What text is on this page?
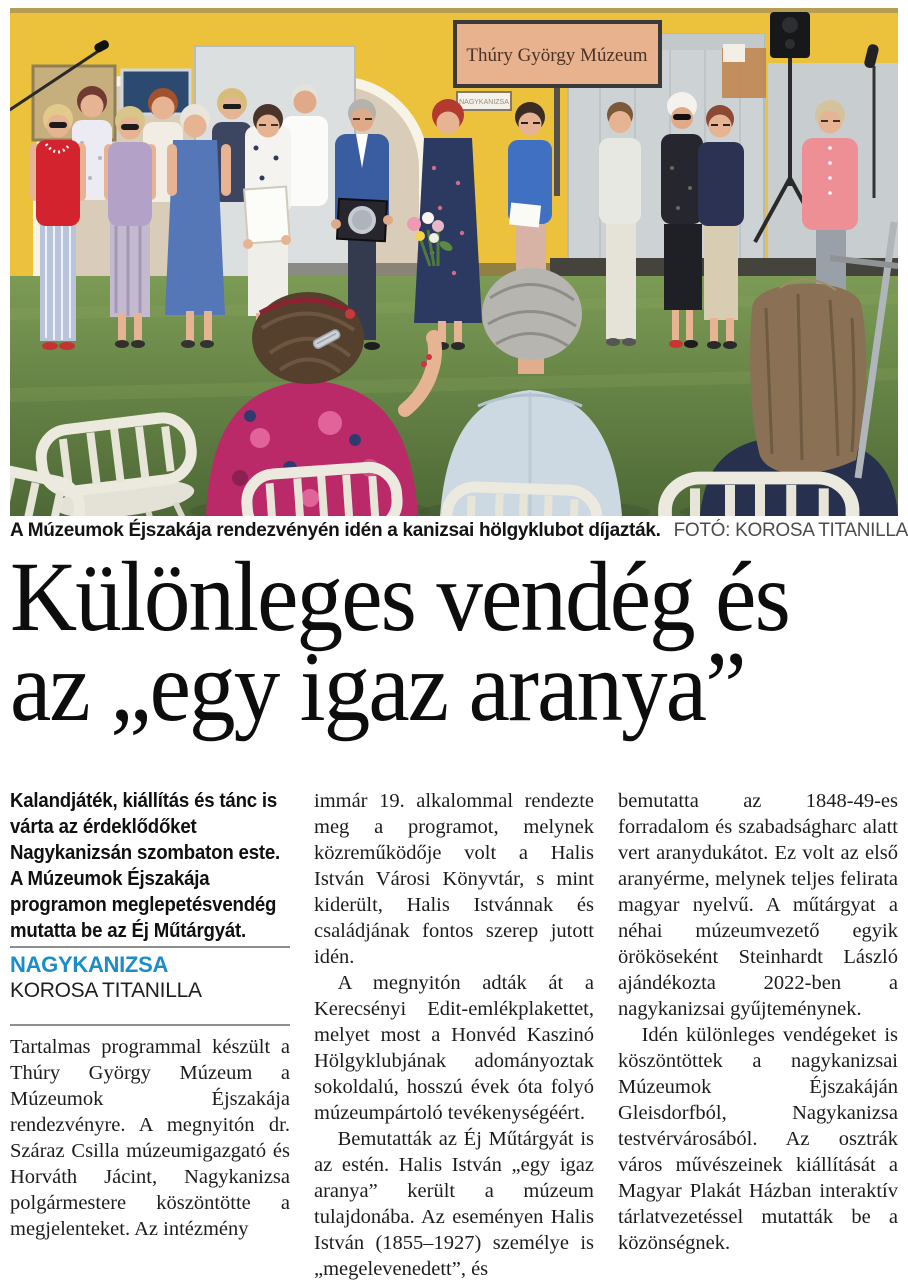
Thúry György Múzeum
NAGYKANIZSA
A Múzeumok Éjszakája rendezvényén idén a kanizsai hölgyklubot díjazták. FOTÓ: KOROSA TITANILLA
Különleges vendég és
az „egy igaz aranya”

Kalandjáték, kiállítás és tánc is várta az érdeklődőket Nagykanizsán szombaton este. A Múzeumok Éjszakája programon meglepetésvendég mutatta be az Éj Műtárgyát.

NAGYKANIZSA
KOROSA TITANILLA

Tartalmas programmal készült a Thúry György Múzeum a Múzeumok Éjszakája rendezvényre. A megnyitón dr. Száraz Csilla múzeumigazgató és Horváth Jácint, Nagykanizsa polgármestere köszöntötte a megjelenteket. Az intézmény

immár 19. alkalommal rendezte meg a programot, melynek közreműködője volt a Halis István Városi Könyvtár, s mint kiderült, Halis Istvánnak és családjának fontos szerep jutott idén.

A megnyitón adták át a Kerecsényi Edit-emlékplakettet, melyet most a Honvéd Kaszinó Hölgyklubjának adományoztak sokoldalú, hosszú évek óta folyó múzeumpártoló tevékenységéért.

Bemutatták az Éj Műtárgyát is az estén. Halis István „egy igaz aranya” került a múzeum tulajdonába. Az eseményen Halis István (1855–1927) személye is „megelevenedett”, és

bemutatta az 1848-49-es forradalom és szabadságharc alatt vert aranydukátot. Ez volt az első aranyérme, melynek teljes felirata magyar nyelvű. A műtárgyat a néhai múzeumvezető egyik örököseként Steinhardt László ajándékozta 2022-ben a nagykanizsai gyűjteménynek.

Idén különleges vendégeket is köszöntöttek a nagykanizsai Múzeumok Éjszakáján Gleisdorfból, Nagykanizsa testvérvárosából. Az osztrák város művészeinek kiállítását a Magyar Plakát Házban interaktív tárlatvezetéssel mutatták be a közönségnek.
